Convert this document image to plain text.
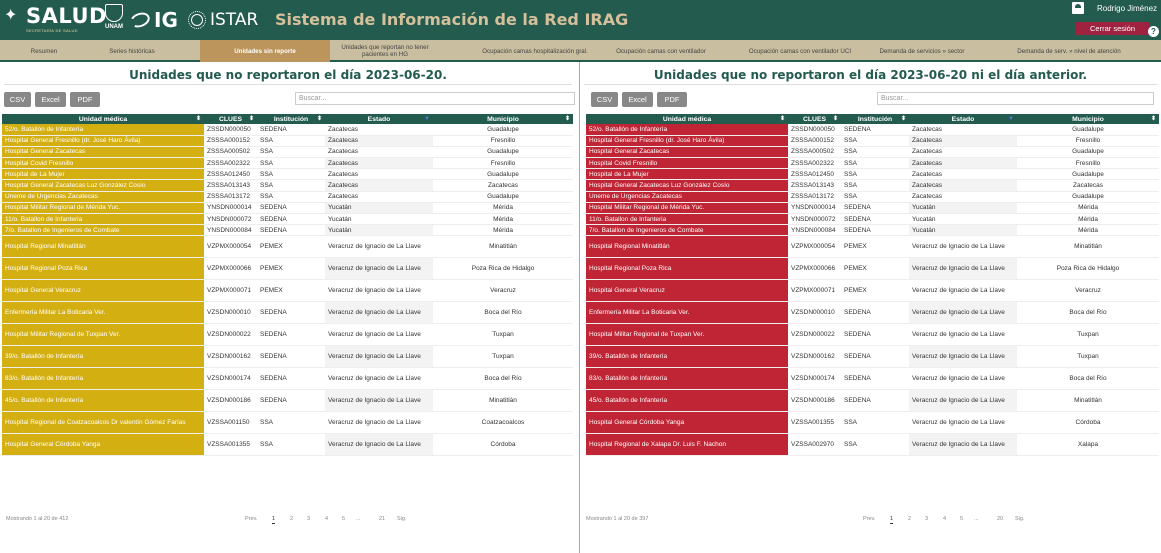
✦ SALUD
SECRETARÍA DE SALUD
UNAM IG ISTAR Sistema de Información de la Red IRAG
Rodrigo Jiménez
Cerrar sesión	?
Resumen	Series históricas	Unidades sin reporte	Unidades que reportan no tener pacientes en HG	Ocupación camas hospitalización gral.	Ocupación camas con ventilador	Ocupación camas con ventilador UCI	Demanda de servicios » sector	Demanda de serv. » nivel de atención
Unidades que no reportaron el día 2023-06-20.
CSV	Excel	PDF	Buscar...
Unidad médica ⬍	CLUES ⬍	Institución ⬍	Estado ▼	Municipio ⬍

52/o. Batallón de Infantería	ZSSDN000050	SEDENA	Zacatecas	Guadalupe
Hospital General Fresnillo (dr. José Haro Ávila)	ZSSSA000152	SSA	Zacatecas	Fresnillo
Hospital General Zacatecas	ZSSSA000502	SSA	Zacatecas	Guadalupe
Hospital Covid Fresnillo	ZSSSA002322	SSA	Zacatecas	Fresnillo
Hospital de La Mujer	ZSSSA012450	SSA	Zacatecas	Guadalupe
Hospital General Zacatecas Luz González Cosío	ZSSSA013143	SSA	Zacatecas	Zacatecas
Uneme de Urgencias Zacatecas	ZSSSA013172	SSA	Zacatecas	Guadalupe
Hospital Militar Regional de Mérida Yuc.	YNSDN000014	SEDENA	Yucatán	Mérida
11/o. Batallon de Infanteria	YNSDN000072	SEDENA	Yucatán	Mérida
7/o. Batallon de Ingenieros de Combate	YNSDN000084	SEDENA	Yucatán	Mérida
Hospital Regional Minatitlán	VZPMX000054	PEMEX	Veracruz de Ignacio de La Llave	Minatitlán
Hospital Regional Poza Rica	VZPMX000066	PEMEX	Veracruz de Ignacio de La Llave	Poza Rica de Hidalgo
Hospital General Veracruz	VZPMX000071	PEMEX	Veracruz de Ignacio de La Llave	Veracruz
Enfermería Militar La Boticaria Ver.	VZSDN000010	SEDENA	Veracruz de Ignacio de La Llave	Boca del Río
Hospital Militar Regional de Tuxpan Ver.	VZSDN000022	SEDENA	Veracruz de Ignacio de La Llave	Tuxpan
39/o. Batallón de Infantería	VZSDN000162	SEDENA	Veracruz de Ignacio de La Llave	Tuxpan
83/o. Batallón de Infantería	VZSDN000174	SEDENA	Veracruz de Ignacio de La Llave	Boca del Río
45/o. Batallón de Infantería	VZSDN000186	SEDENA	Veracruz de Ignacio de La Llave	Minatitlán
Hospital Regional de Coatzacoalcos Dr valentín Gómez Farías	VZSSA001150	SSA	Veracruz de Ignacio de La Llave	Coatzacoalcos
Hospital General Córdoba Yanga	VZSSA001355	SSA	Veracruz de Ignacio de La Llave	Córdoba
Mostrando 1 al 20 de 412	Prev.	1	2	3	4	5 ...	21 Sig.
Unidades que no reportaron el día 2023-06-20 ni el día anterior.
CSV	Excel	PDF	Buscar...
Unidad médica ⬍	CLUES ⬍	Institución ⬍	Estado ▼	Municipio ⬍

52/o. Batallón de Infantería	ZSSDN000050	SEDENA	Zacatecas	Guadalupe
Hospital General Fresnillo (dr. José Haro Ávila)	ZSSSA000152	SSA	Zacatecas	Fresnillo
Hospital General Zacatecas	ZSSSA000502	SSA	Zacatecas	Guadalupe
Hospital Covid Fresnillo	ZSSSA002322	SSA	Zacatecas	Fresnillo
Hospital de La Mujer	ZSSSA012450	SSA	Zacatecas	Guadalupe
Hospital General Zacatecas Luz González Cosío	ZSSSA013143	SSA	Zacatecas	Zacatecas
Uneme de Urgencias Zacatecas	ZSSSA013172	SSA	Zacatecas	Guadalupe
Hospital Militar Regional de Mérida Yuc.	YNSDN000014	SEDENA	Yucatán	Mérida
11/o. Batallon de Infanteria	YNSDN000072	SEDENA	Yucatán	Mérida
7/o. Batallon de Ingenieros de Combate	YNSDN000084	SEDENA	Yucatán	Mérida
Hospital Regional Minatitlán	VZPMX000054	PEMEX	Veracruz de Ignacio de La Llave	Minatitlán
Hospital Regional Poza Rica	VZPMX000066	PEMEX	Veracruz de Ignacio de La Llave	Poza Rica de Hidalgo
Hospital General Veracruz	VZPMX000071	PEMEX	Veracruz de Ignacio de La Llave	Veracruz
Enfermería Militar La Boticaria Ver.	VZSDN000010	SEDENA	Veracruz de Ignacio de La Llave	Boca del Río
Hospital Militar Regional de Tuxpan Ver.	VZSDN000022	SEDENA	Veracruz de Ignacio de La Llave	Tuxpan
39/o. Batallón de Infantería	VZSDN000162	SEDENA	Veracruz de Ignacio de La Llave	Tuxpan
83/o. Batallón de Infantería	VZSDN000174	SEDENA	Veracruz de Ignacio de La Llave	Boca del Río
45/o. Batallón de Infantería	VZSDN000186	SEDENA	Veracruz de Ignacio de La Llave	Minatitlán
Hospital General Córdoba Yanga	VZSSA001355	SSA	Veracruz de Ignacio de La Llave	Córdoba
Hospital Regional de Xalapa Dr. Luis F. Nachon	VZSSA002970	SSA	Veracruz de Ignacio de La Llave	Xalapa
Mostrando 1 al 20 de 397	Prev.	1	2	3	4	5 ...	20 Sig.
